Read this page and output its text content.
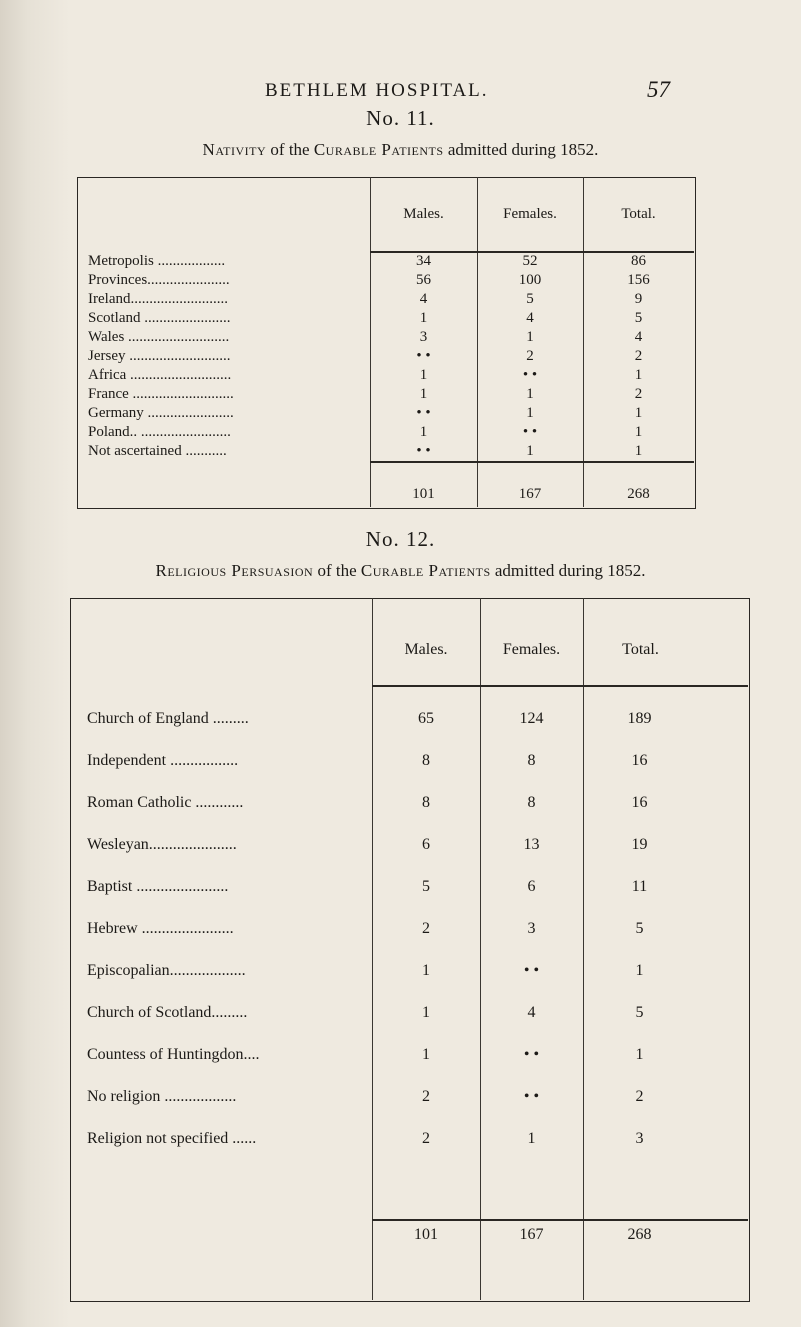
BETHLEM HOSPITAL.	57
No. 11.
Nativity of the Curable Patients admitted during 1852.
	Males.	Females.	Total.
Metropolis ..................	34	52	86
Provinces......................	56	100	156
Ireland..........................	4	5	9
Scotland .......................	1	4	5
Wales ...........................	3	1	4
Jersey ...........................	• •	2	2
Africa ...........................	1	• •	1
France ...........................	1	1	2
Germany .......................	• •	1	1
Poland.. ........................	1	• •	1
Not ascertained ...........	• •	1	1
	101	167	268
No. 12.
Religious Persuasion of the Curable Patients admitted during 1852.
	Males.	Females.	Total.
Church of England .........	65	124	189
Independent .................	8	8	16
Roman Catholic ............	8	8	16
Wesleyan......................	6	13	19
Baptist .......................	5	6	11
Hebrew .......................	2	3	5
Episcopalian...................	1	• •	1
Church of Scotland.........	1	4	5
Countess of Huntingdon....	1	• •	1
No religion ..................	2	• •	2
Religion not specified ......	2	1	3
	101	167	268
